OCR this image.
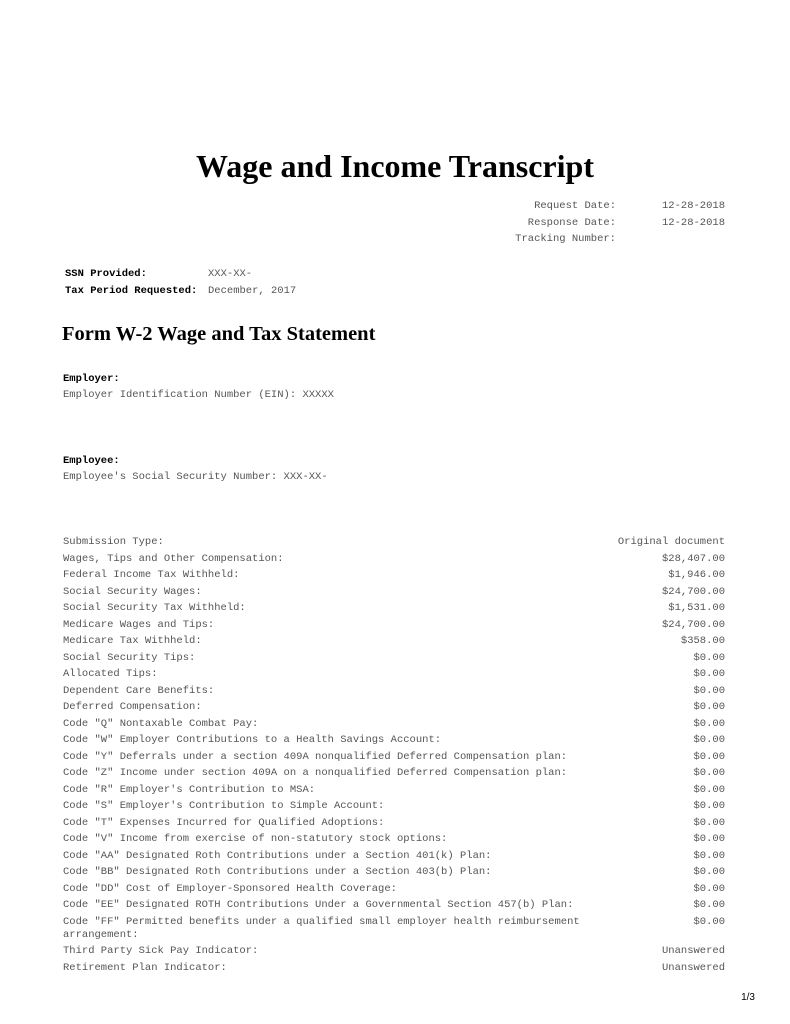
Wage and Income Transcript
Request Date:	12-28-2018
Response Date:	12-28-2018
Tracking Number:
SSN Provided:	XXX-XX-
Tax Period Requested: December, 2017
Form W-2 Wage and Tax Statement
Employer:
Employer Identification Number (EIN): XXXXX
Employee:
Employee's Social Security Number: XXX-XX-
Submission Type:	Original document
Wages, Tips and Other Compensation:	$28,407.00
Federal Income Tax Withheld:	$1,946.00
Social Security Wages:	$24,700.00
Social Security Tax Withheld:	$1,531.00
Medicare Wages and Tips:	$24,700.00
Medicare Tax Withheld:	$358.00
Social Security Tips:	$0.00
Allocated Tips:	$0.00
Dependent Care Benefits:	$0.00
Deferred Compensation:	$0.00
Code "Q" Nontaxable Combat Pay:	$0.00
Code "W" Employer Contributions to a Health Savings Account:	$0.00
Code "Y" Deferrals under a section 409A nonqualified Deferred Compensation plan:	$0.00
Code "Z" Income under section 409A on a nonqualified Deferred Compensation plan:	$0.00
Code "R" Employer's Contribution to MSA:	$0.00
Code "S" Employer's Contribution to Simple Account:	$0.00
Code "T" Expenses Incurred for Qualified Adoptions:	$0.00
Code "V" Income from exercise of non-statutory stock options:	$0.00
Code "AA" Designated Roth Contributions under a Section 401(k) Plan:	$0.00
Code "BB" Designated Roth Contributions under a Section 403(b) Plan:	$0.00
Code "DD" Cost of Employer-Sponsored Health Coverage:	$0.00
Code "EE" Designated ROTH Contributions Under a Governmental Section 457(b) Plan:	$0.00
Code "FF" Permitted benefits under a qualified small employer health reimbursement arrangement:
$0.00
Third Party Sick Pay Indicator:	Unanswered
Retirement Plan Indicator:	Unanswered
1/3
